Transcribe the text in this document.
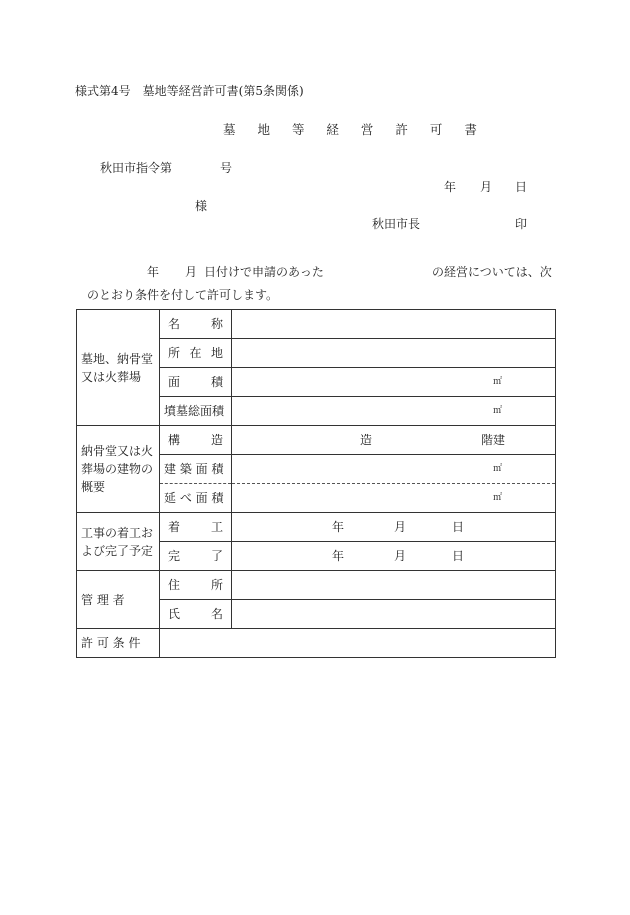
様式第4号　墓地等経営許可書(第5条関係)
墓 地 等 経 営 許 可 書
秋田市指令第	号
年 月 日
様
秋田市長	印
年 月 日付けで申請のあった	の経営については、次
のとおり条件を付して許可します。
墓地、納骨堂又は火葬場	名 称	

	所 在 地	

	面 積	㎡

	墳墓総面積	㎡

納骨堂又は火葬場の建物の概要	構 造	造 階建

	建 築 面 積	㎡

	延 べ 面 積	㎡

工事の着工および完了予定	着 工	年 月 日

	完 了	年 月 日

管 理 者	住 所	

	氏 名	

許 可 条 件		
